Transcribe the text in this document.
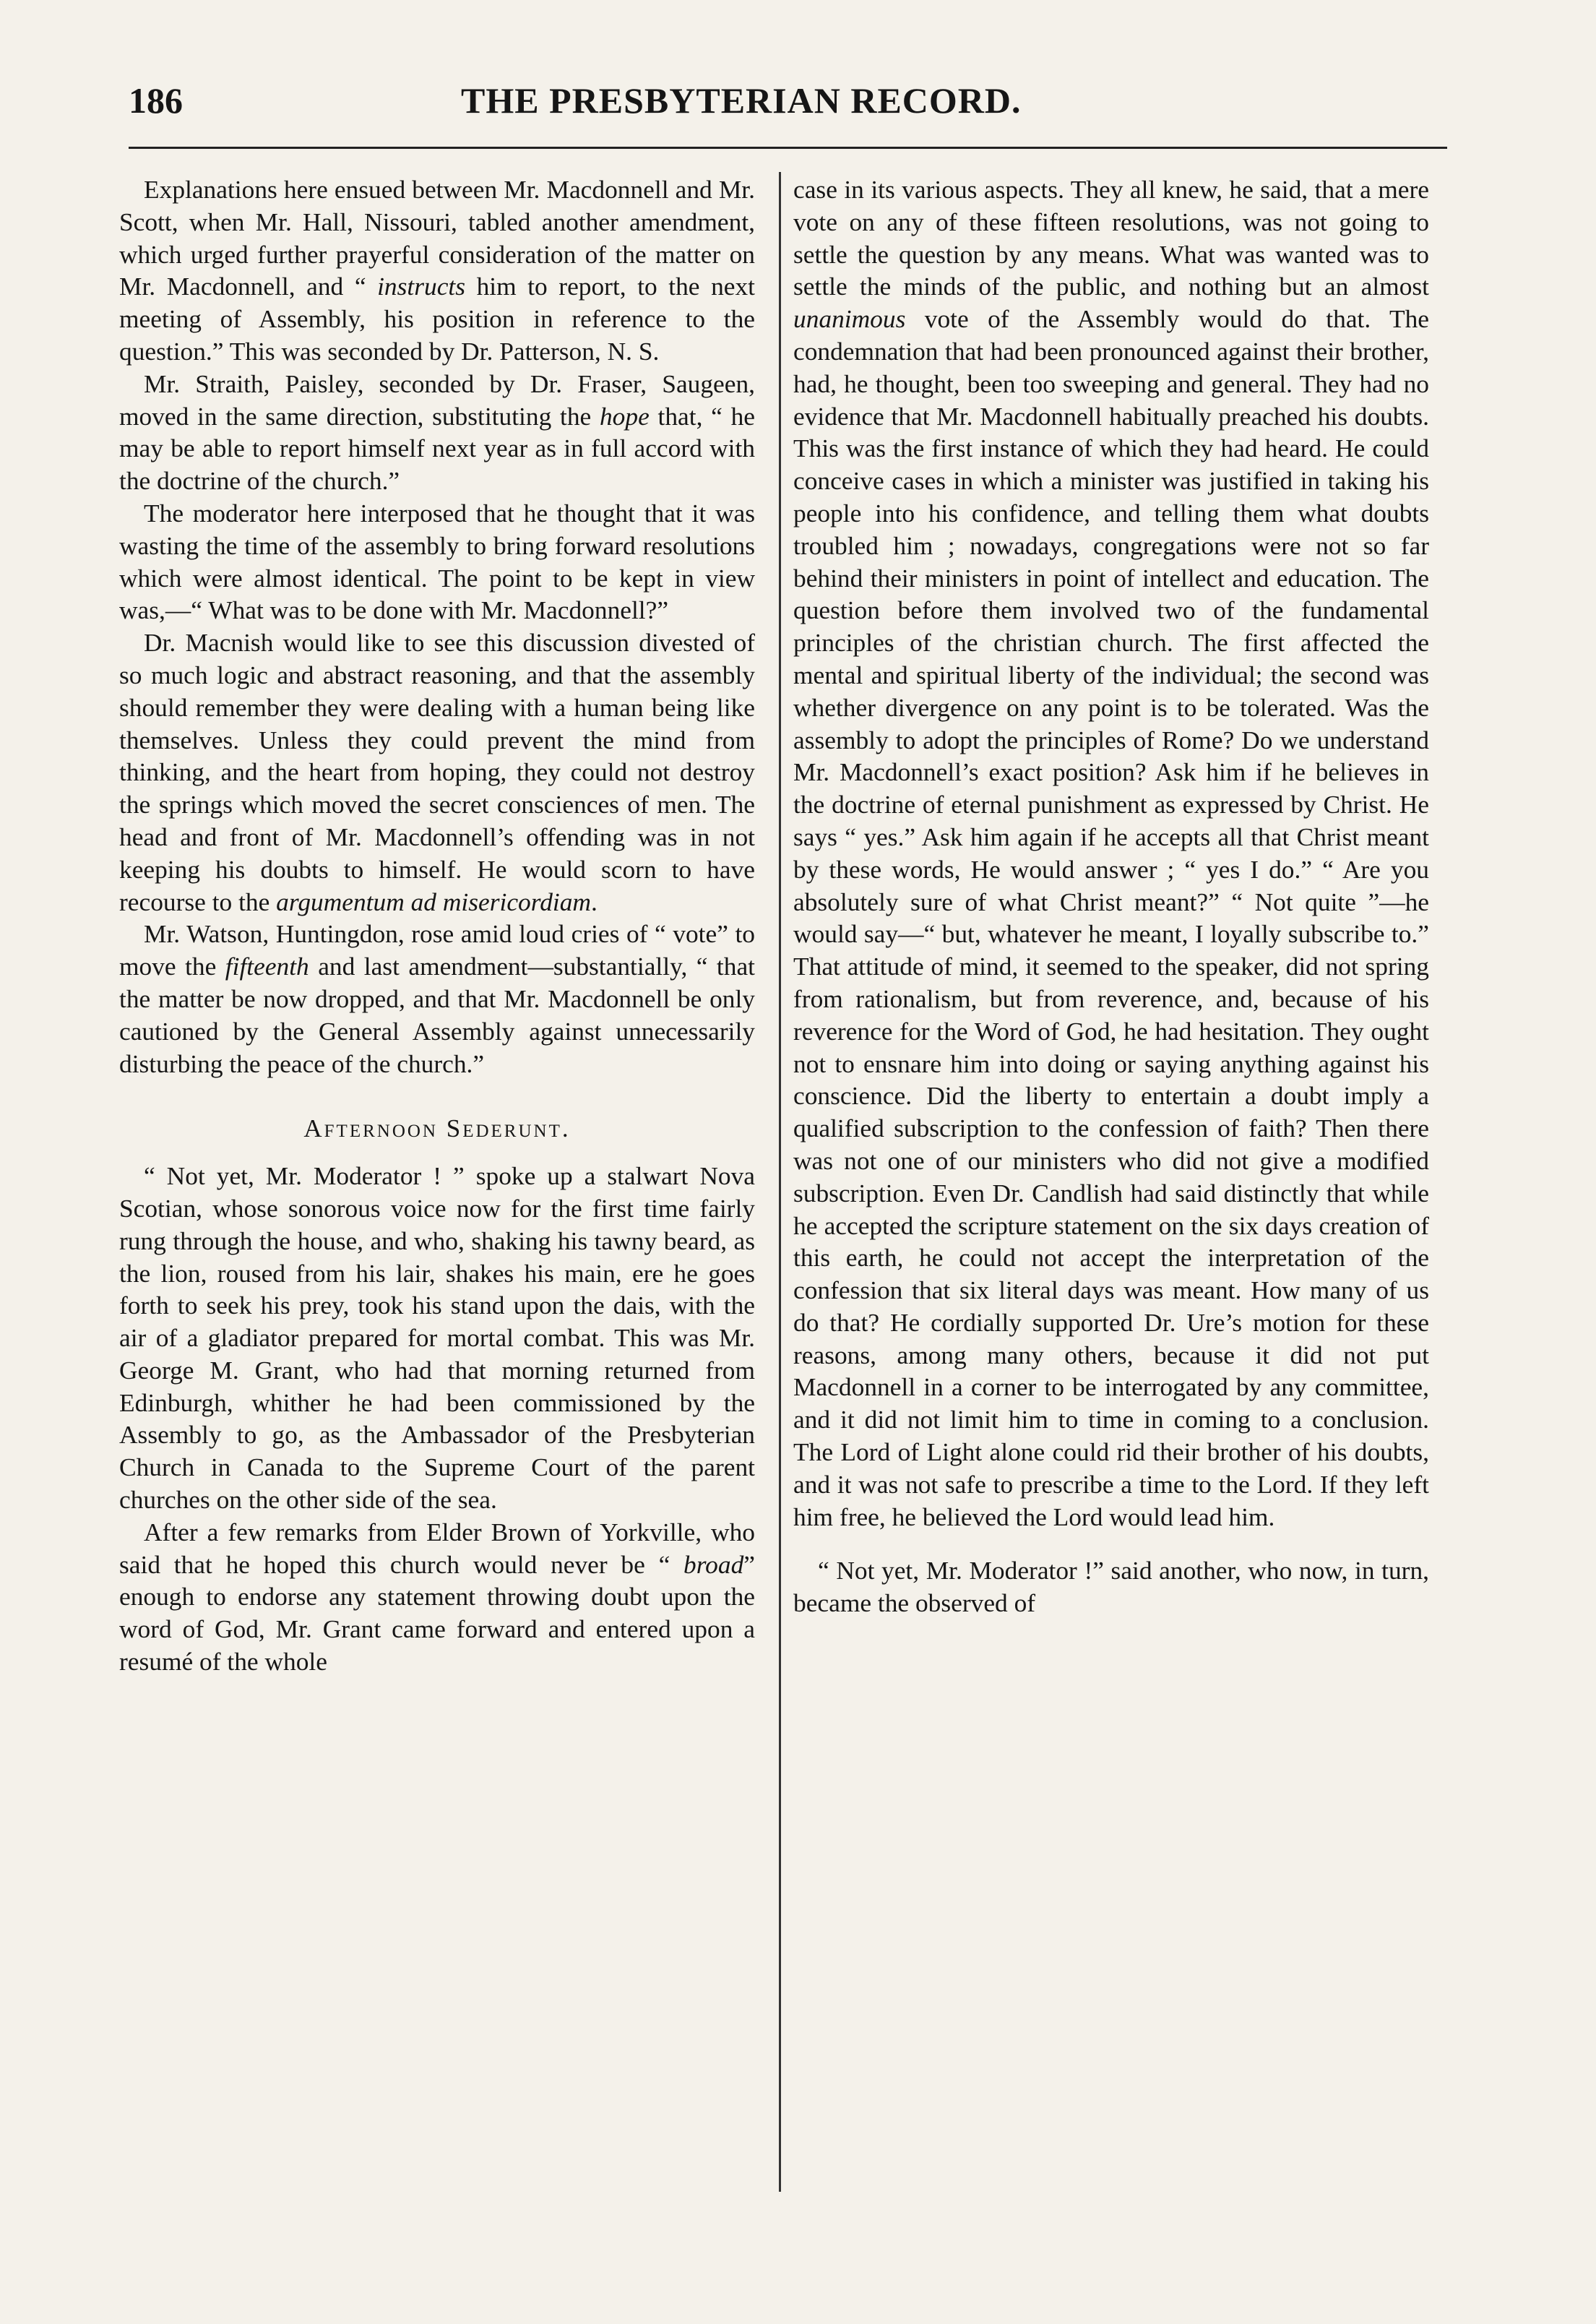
186	THE PRESBYTERIAN RECORD.

Explanations here ensued between Mr. Macdonnell and Mr. Scott, when Mr. Hall, Nissouri, tabled another amendment, which urged further prayerful consideration of the matter on Mr. Macdonnell, and “ instructs him to report, to the next meeting of Assembly, his position in reference to the question.” This was seconded by Dr. Patterson, N. S.

Mr. Straith, Paisley, seconded by Dr. Fraser, Saugeen, moved in the same direction, substituting the hope that, “ he may be able to report himself next year as in full accord with the doctrine of the church.”

The moderator here interposed that he thought that it was wasting the time of the assembly to bring forward resolutions which were almost identical. The point to be kept in view was,—“ What was to be done with Mr. Macdonnell?”

Dr. Macnish would like to see this discussion divested of so much logic and abstract reasoning, and that the assembly should remember they were dealing with a human being like themselves. Unless they could prevent the mind from thinking, and the heart from hoping, they could not destroy the springs which moved the secret consciences of men. The head and front of Mr. Macdonnell’s offending was in not keeping his doubts to himself. He would scorn to have recourse to the argumentum ad misericordiam.

Mr. Watson, Huntingdon, rose amid loud cries of “ vote” to move the fifteenth and last amendment—substantially, “ that the matter be now dropped, and that Mr. Macdonnell be only cautioned by the General Assembly against unnecessarily disturbing the peace of the church.”

Afternoon Sederunt.

“ Not yet, Mr. Moderator ! ” spoke up a stalwart Nova Scotian, whose sonorous voice now for the first time fairly rung through the house, and who, shaking his tawny beard, as the lion, roused from his lair, shakes his main, ere he goes forth to seek his prey, took his stand upon the dais, with the air of a gladiator prepared for mortal combat. This was Mr. George M. Grant, who had that morning returned from Edinburgh, whither he had been commissioned by the Assembly to go, as the Ambassador of the Presbyterian Church in Canada to the Supreme Court of the parent churches on the other side of the sea.

After a few remarks from Elder Brown of Yorkville, who said that he hoped this church would never be “ broad” enough to endorse any statement throwing doubt upon the word of God, Mr. Grant came forward and entered upon a resumé of the whole

case in its various aspects. They all knew, he said, that a mere vote on any of these fifteen resolutions, was not going to settle the question by any means. What was wanted was to settle the minds of the public, and nothing but an almost unanimous vote of the Assembly would do that. The condemnation that had been pronounced against their brother, had, he thought, been too sweeping and general. They had no evidence that Mr. Macdonnell habitually preached his doubts. This was the first instance of which they had heard. He could conceive cases in which a minister was justified in taking his people into his confidence, and telling them what doubts troubled him ; nowadays, congregations were not so far behind their ministers in point of intellect and education. The question before them involved two of the fundamental principles of the christian church. The first affected the mental and spiritual liberty of the individual; the second was whether divergence on any point is to be tolerated. Was the assembly to adopt the principles of Rome? Do we understand Mr. Macdonnell’s exact position? Ask him if he believes in the doctrine of eternal punishment as expressed by Christ. He says “ yes.” Ask him again if he accepts all that Christ meant by these words, He would answer ; “ yes I do.” “ Are you absolutely sure of what Christ meant?” “ Not quite ”—he would say—“ but, whatever he meant, I loyally subscribe to.” That attitude of mind, it seemed to the speaker, did not spring from rationalism, but from reverence, and, because of his reverence for the Word of God, he had hesitation. They ought not to ensnare him into doing or saying anything against his conscience. Did the liberty to entertain a doubt imply a qualified subscription to the confession of faith? Then there was not one of our ministers who did not give a modified subscription. Even Dr. Candlish had said distinctly that while he accepted the scripture statement on the six days creation of this earth, he could not accept the interpretation of the confession that six literal days was meant. How many of us do that? He cordially supported Dr. Ure’s motion for these reasons, among many others, because it did not put Macdonnell in a corner to be interrogated by any committee, and it did not limit him to time in coming to a conclusion. The Lord of Light alone could rid their brother of his doubts, and it was not safe to prescribe a time to the Lord. If they left him free, he believed the Lord would lead him.

“ Not yet, Mr. Moderator !” said another, who now, in turn, became the observed of
